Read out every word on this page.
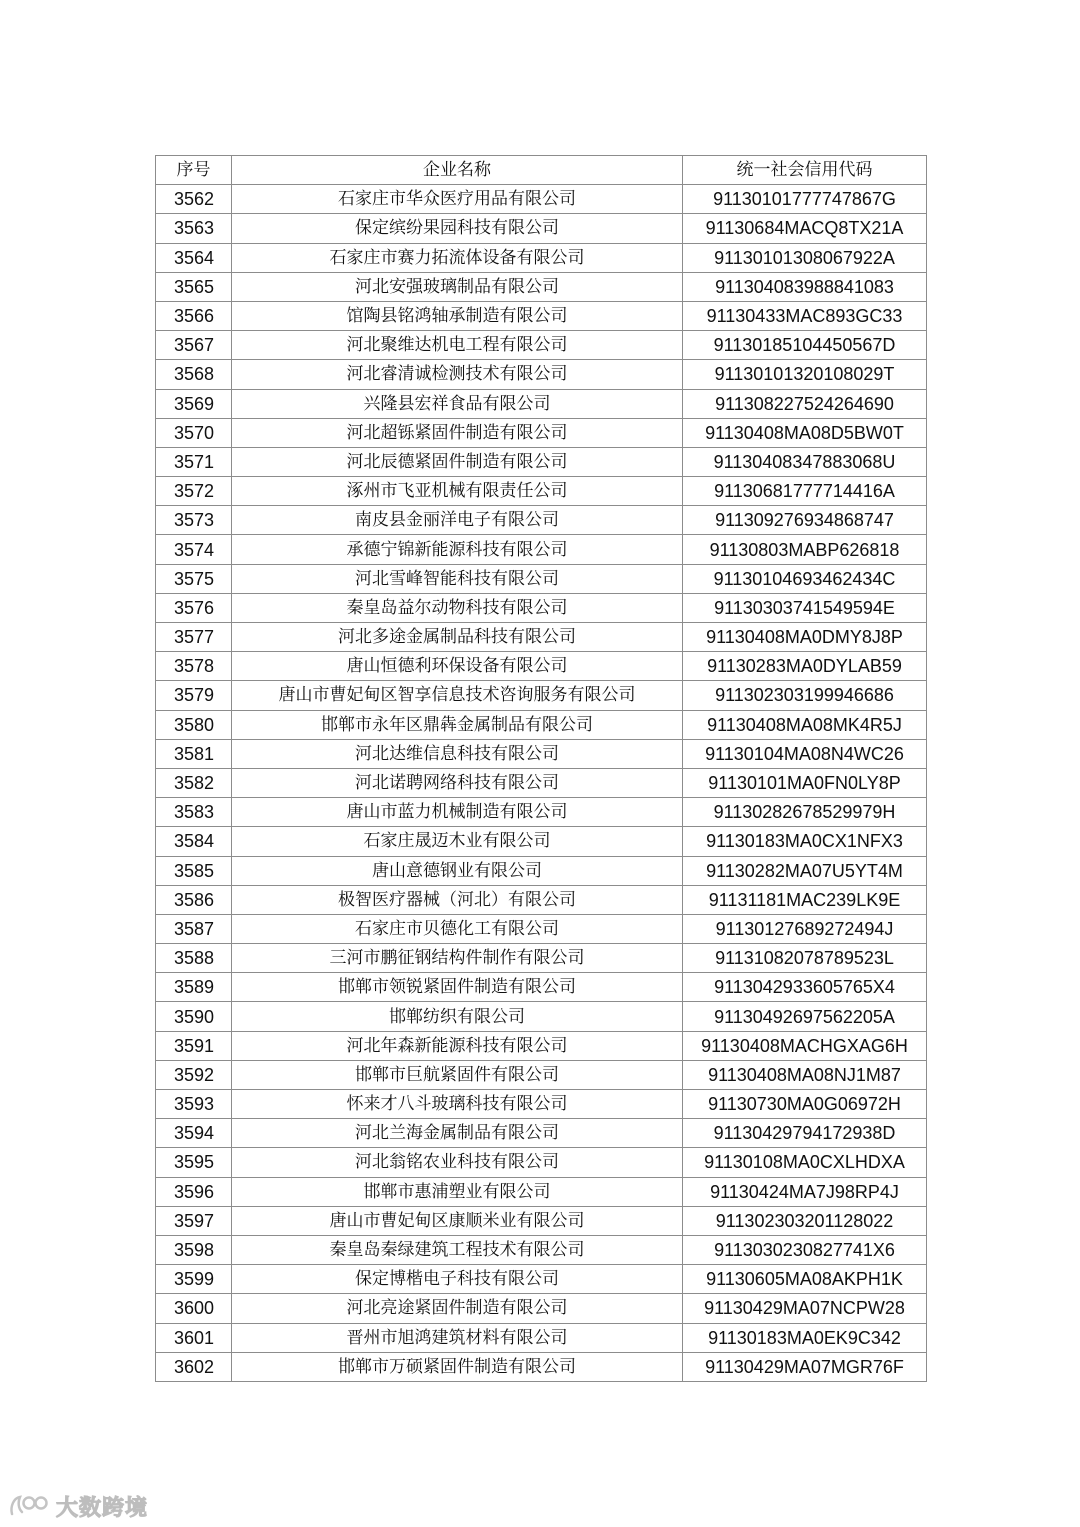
序号	企业名称	统一社会信用代码
3562	石家庄市华众医疗用品有限公司	91130101777747867G
3563	保定缤纷果园科技有限公司	91130684MACQ8TX21A
3564	石家庄市赛力拓流体设备有限公司	91130101308067922A
3565	河北安强玻璃制品有限公司	911304083988841083
3566	馆陶县铭鸿轴承制造有限公司	91130433MAC893GC33
3567	河北聚维达机电工程有限公司	91130185104450567D
3568	河北睿清诚检测技术有限公司	91130101320108029T
3569	兴隆县宏祥食品有限公司	911308227524264690
3570	河北超铄紧固件制造有限公司	91130408MA08D5BW0T
3571	河北辰德紧固件制造有限公司	91130408347883068U
3572	涿州市飞亚机械有限责任公司	91130681777714416A
3573	南皮县金丽洋电子有限公司	911309276934868747
3574	承德宁锦新能源科技有限公司	91130803MABP626818
3575	河北雪峰智能科技有限公司	91130104693462434C
3576	秦皇岛益尔动物科技有限公司	91130303741549594E
3577	河北多途金属制品科技有限公司	91130408MA0DMY8J8P
3578	唐山恒德利环保设备有限公司	91130283MA0DYLAB59
3579	唐山市曹妃甸区智享信息技术咨询服务有限公司	911302303199946686
3580	邯郸市永年区鼎犇金属制品有限公司	91130408MA08MK4R5J
3581	河北达维信息科技有限公司	91130104MA08N4WC26
3582	河北诺聘网络科技有限公司	91130101MA0FN0LY8P
3583	唐山市蓝力机械制造有限公司	91130282678529979H
3584	石家庄晟迈木业有限公司	91130183MA0CX1NFX3
3585	唐山意德钢业有限公司	91130282MA07U5YT4M
3586	极智医疗器械（河北）有限公司	91131181MAC239LK9E
3587	石家庄市贝德化工有限公司	91130127689272494J
3588	三河市鹏征钢结构件制作有限公司	91131082078789523L
3589	邯郸市领锐紧固件制造有限公司	9113042933605765X4
3590	邯郸纺织有限公司	91130492697562205A
3591	河北年森新能源科技有限公司	91130408MACHGXAG6H
3592	邯郸市巨航紧固件有限公司	91130408MA08NJ1M87
3593	怀来才八斗玻璃科技有限公司	91130730MA0G06972H
3594	河北兰海金属制品有限公司	91130429794172938D
3595	河北翁铭农业科技有限公司	91130108MA0CXLHDXA
3596	邯郸市惠浦塑业有限公司	91130424MA7J98RP4J
3597	唐山市曹妃甸区康顺米业有限公司	911302303201128022
3598	秦皇岛秦绿建筑工程技术有限公司	9113030230827741X6
3599	保定博楷电子科技有限公司	91130605MA08AKPH1K
3600	河北亮途紧固件制造有限公司	91130429MA07NCPW28
3601	晋州市旭鸿建筑材料有限公司	91130183MA0EK9C342
3602	邯郸市万硕紧固件制造有限公司	91130429MA07MGR76F
大数跨境
